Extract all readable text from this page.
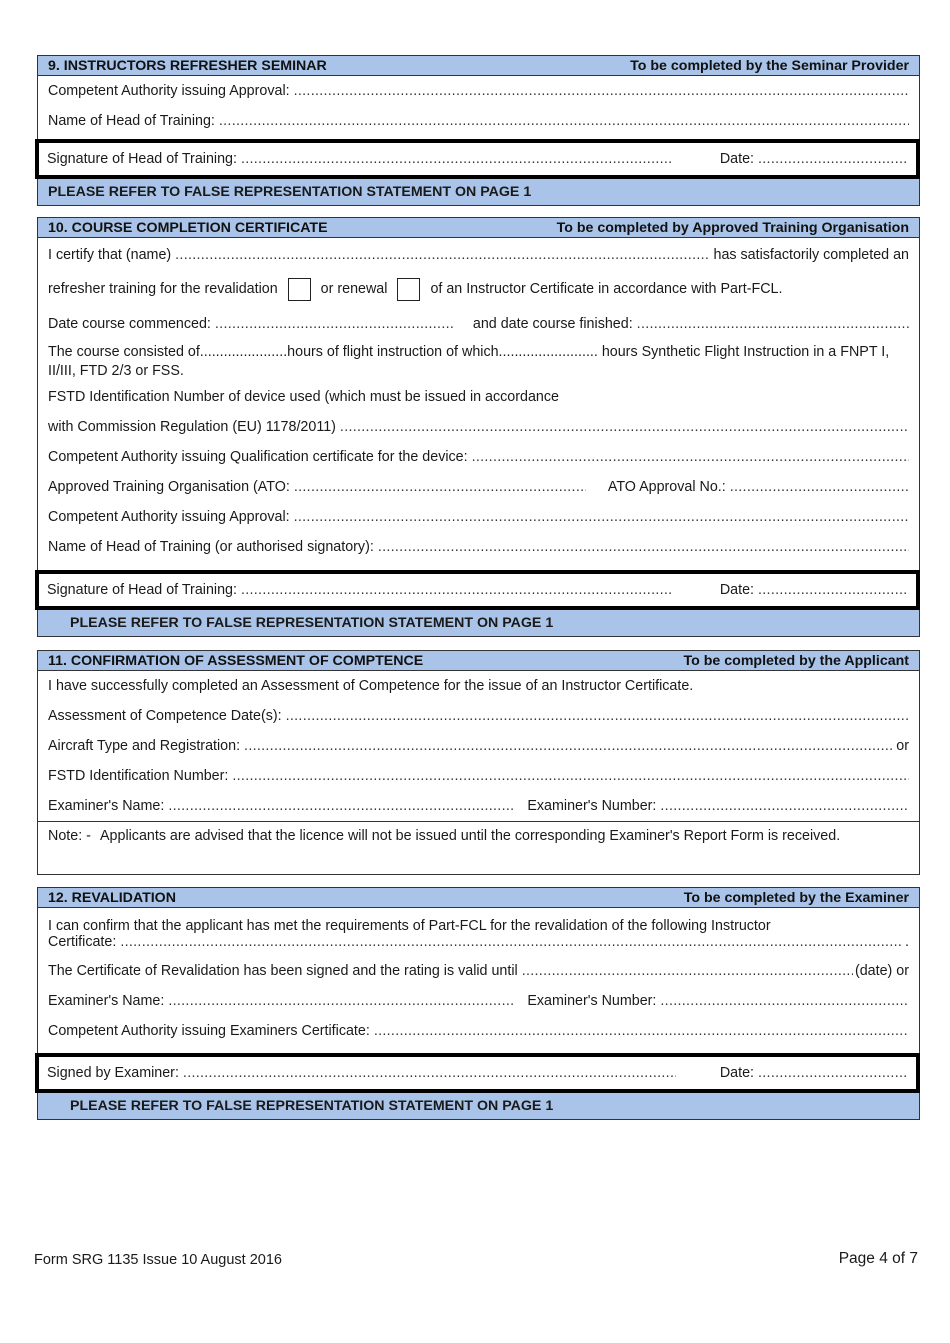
9. INSTRUCTORS REFRESHER SEMINAR	To be completed by the Seminar Provider
Competent Authority issuing Approval:
.....
Name of Head of Training:
.....
Signature of Head of Training: .....	Date:
.....
PLEASE REFER TO FALSE REPRESENTATION STATEMENT ON PAGE 1
10. COURSE COMPLETION CERTIFICATE	To be completed by Approved Training Organisation
I certify that (name) .....	has satisfactorily completed an
refresher training for the revalidation	or renewal	of an Instructor Certificate in accordance with Part-FCL.
Date course commenced: .....	and date course finished:
.....
The course consisted of......................hours of flight instruction of which......................... hours Synthetic Flight Instruction in a FNPT I, II/III, FTD 2/3 or FSS.
FSTD Identification Number of device used (which must be issued in accordance
with Commission Regulation (EU) 1178/2011)
.....
Competent Authority issuing Qualification certificate for the device:
.....
Approved Training Organisation (ATO: .....	ATO Approval No.:
.....
Competent Authority issuing Approval:
.....
Name of Head of Training (or authorised signatory):
.....
Signature of Head of Training: .....	Date:
.....
PLEASE REFER TO FALSE REPRESENTATION STATEMENT ON PAGE 1
11. CONFIRMATION OF ASSESSMENT OF COMPTENCE	To be completed by the Applicant
I have successfully completed an Assessment of Competence for the issue of an Instructor Certificate.
Assessment of Competence Date(s):
.....
Aircraft Type and Registration: .....	or
FSTD Identification Number:
.....
Examiner's Name: .....	Examiner's Number:
.....
Note: - Applicants are advised that the licence will not be issued until the corresponding Examiner's Report Form is received.
12. REVALIDATION	To be completed by the Examiner
I can confirm that the applicant has met the requirements of Part-FCL for the revalidation of the following Instructor
Certificate: .....	.
The Certificate of Revalidation has been signed and the rating is valid until .....	(date) or
Examiner's Name: .....	Examiner's Number:
.....
Competent Authority issuing Examiners Certificate:
.....
Signed by Examiner: .....	Date:
.....
PLEASE REFER TO FALSE REPRESENTATION STATEMENT ON PAGE 1
Form SRG 1135 Issue 10 August 2016	Page 4 of 7
